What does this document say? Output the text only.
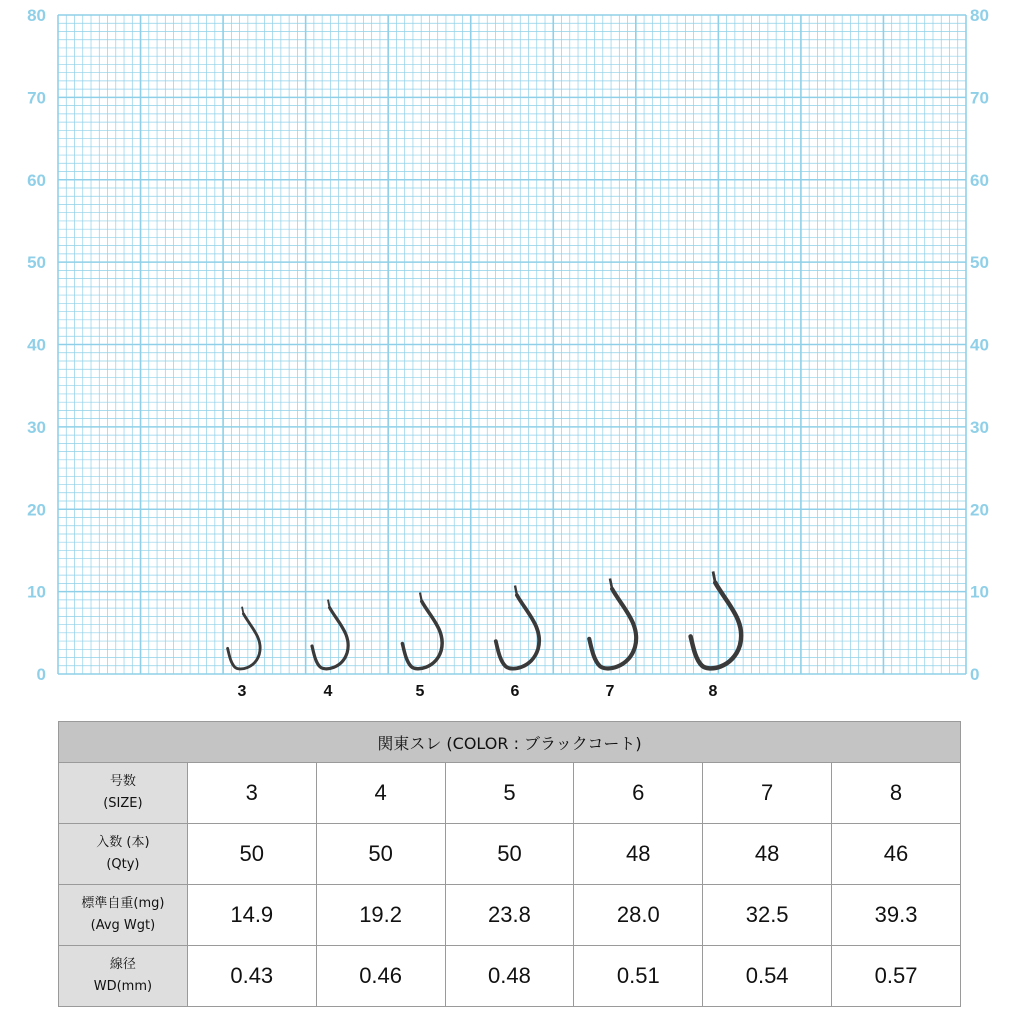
80
70
60
50
40
30
20
10
0
80
70
60
50
40
30
20
10
0
3	4	5	6	7	8
関東スレ (COLOR : ブラックコート)						

号数
(SIZE)	3	4	5	6	7	8

入数 (本)
(Qty)	50	50	50	48	48	46

標準自重(mg)
(Avg Wgt)	14.9	19.2	23.8	28.0	32.5	39.3

線径
WD(mm)	0.43	0.46	0.48	0.51	0.54	0.57
